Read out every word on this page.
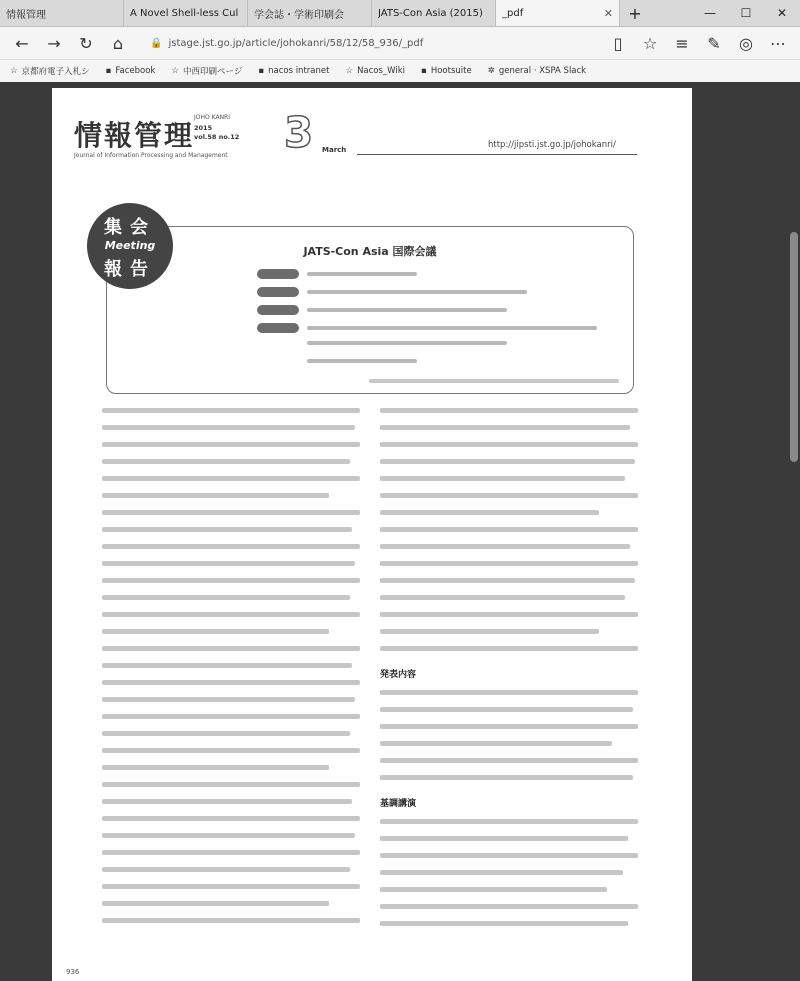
情報管理	A Novel Shell-less Cul 学会誌・学術印刷会	JATS-Con Asia (2015)	_pdf	✕ +	—	☐	✕
←	→	↻	⌂	🔒 jstage.jst.go.jp/article/johokanri/58/12/58_936/_pdf	▯	☆	≡	✎	◎	⋯
☆ 京都府電子入札シ ▪ Facebook ☆ 中西印刷ページ ▪ nacos intranet ☆ Nacos_Wiki ▪ Hootsuite ✲ general · XSPA Slack
情報管理
JOHO KANRI
2015
vol.58 no.12
Journal of Information Processing and Management 3 March	http://jipsti.jst.go.jp/johokanri/
集会
Meeting
報告
JATS-Con Asia 国際会議
発表内容
基調講演
936
